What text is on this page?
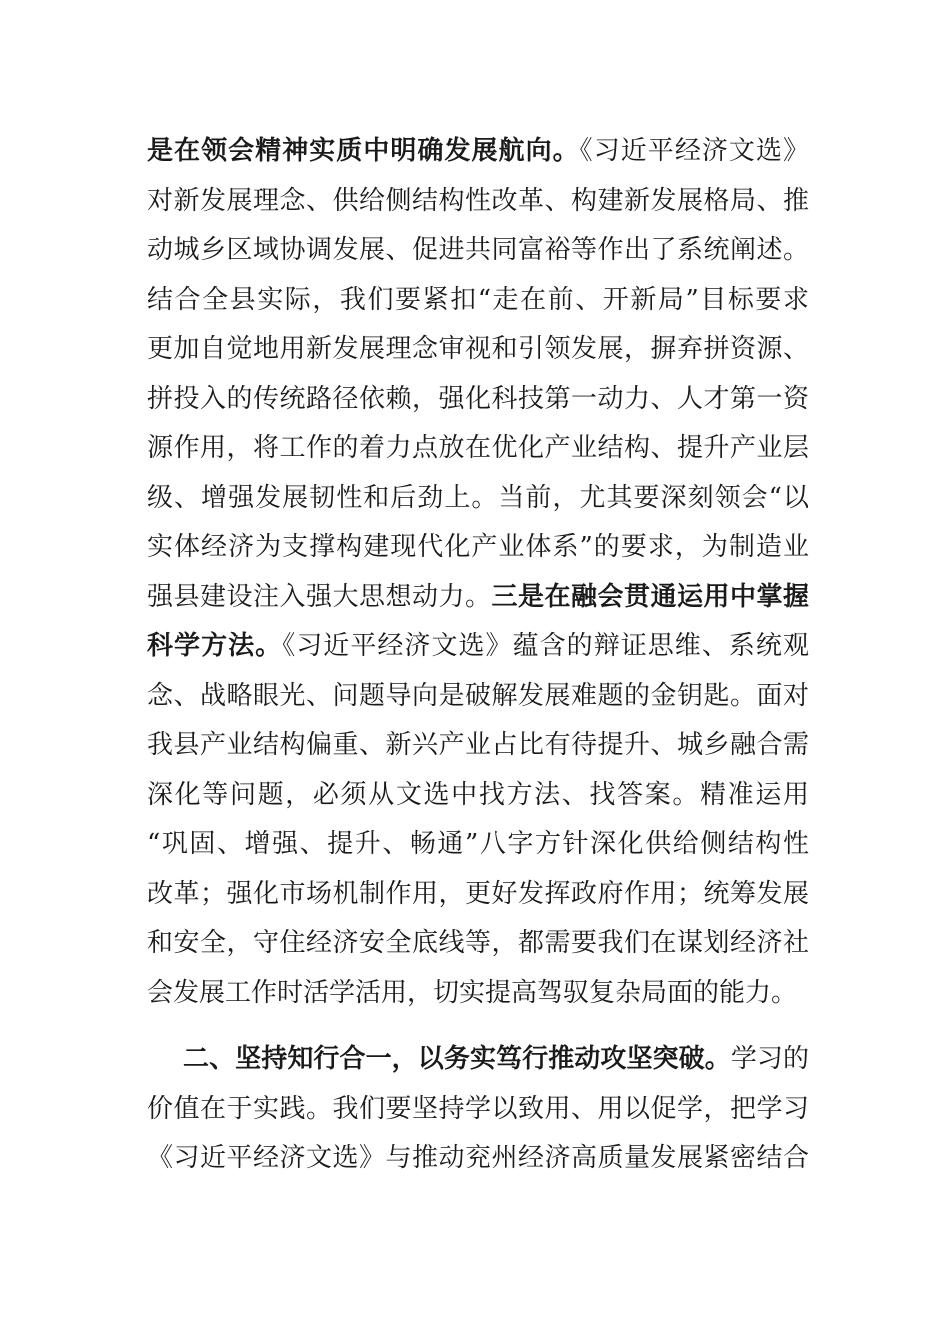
是在领会精神实质中明确发展航向。《习近平经济文选》
对新发展理念、供给侧结构性改革、构建新发展格局、推
动城乡区域协调发展、促进共同富裕等作出了系统阐述。
结合全县实际，我们要紧扣“走在前、开新局”目标要求
更加自觉地用新发展理念审视和引领发展，摒弃拼资源、
拼投入的传统路径依赖，强化科技第一动力、人才第一资
源作用，将工作的着力点放在优化产业结构、提升产业层
级、增强发展韧性和后劲上。当前，尤其要深刻领会“以
实体经济为支撑构建现代化产业体系”的要求，为制造业
强县建设注入强大思想动力。三是在融会贯通运用中掌握
科学方法。《习近平经济文选》蕴含的辩证思维、系统观
念、战略眼光、问题导向是破解发展难题的金钥匙。面对
我县产业结构偏重、新兴产业占比有待提升、城乡融合需
深化等问题，必须从文选中找方法、找答案。精准运用
“巩固、增强、提升、畅通”八字方针深化供给侧结构性
改革；强化市场机制作用，更好发挥政府作用；统筹发展
和安全，守住经济安全底线等，都需要我们在谋划经济社
会发展工作时活学活用，切实提高驾驭复杂局面的能力。
二、坚持知行合一，以务实笃行推动攻坚突破。学习的
价值在于实践。我们要坚持学以致用、用以促学，把学习
《习近平经济文选》与推动兖州经济高质量发展紧密结合
